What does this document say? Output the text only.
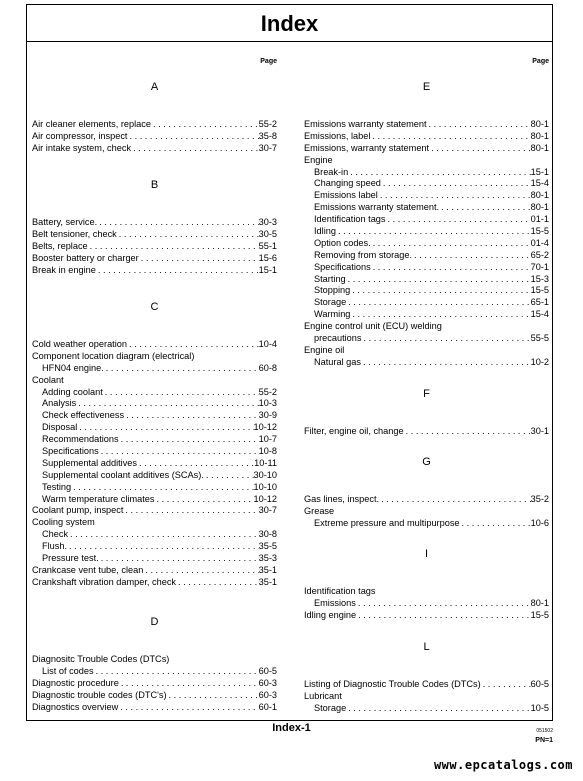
Index
Page
A
Air cleaner elements, replace . . .	55-2
Air compressor, inspect . . .	35-8
Air intake system, check . . .	30-7
B
Battery, service. . . .	30-3
Belt tensioner, check . . .	30-5
Belts, replace . . .	55-1
Booster battery or charger . . .	15-6
Break in engine . . .	15-1
C
Cold weather operation . . .	10-4
Component location diagram (electrical)
HFN04 engine. . . .	60-8
Coolant
Adding coolant . . .	55-2
Analysis . . .	10-3
Check effectiveness . . .	30-9
Disposal . . .	10-12
Recommendations . . .	10-7
Specifications . . .	10-8
Supplemental additives . . .	10-11
Supplemental coolant additives (SCAs). . . .	30-10
Testing . . .	10-10
Warm temperature climates . . .	10-12
Coolant pump, inspect . . .	30-7
Cooling system
Check . . .	30-8
Flush. . . .	35-5
Pressure test. . . .	35-3
Crankcase vent tube, clean . . .	35-1
Crankshaft vibration damper, check . . .	35-1
D
Diagnositc Trouble Codes (DTCs)
List of codes . . .	60-5
Diagnostic procedure . . .	60-3
Diagnostic trouble codes (DTC's) . . .	60-3
Diagnostics overview . . .	60-1
Page
E
Emissions warranty statement . . .	80-1
Emissions, label . . .	80-1
Emissions, warranty statement . . .	80-1
Engine
Break-in . . .	15-1
Changing speed . . .	15-4
Emissions label . . .	80-1
Emissions warranty statement. . . .	80-1
Identification tags . . .	01-1
Idling . . .	15-5
Option codes. . . .	01-4
Removing from storage. . . .	65-2
Specifications . . .	70-1
Starting . . .	15-3
Stopping . . .	15-5
Storage . . .	65-1
Warming . . .	15-4
Engine control unit (ECU) welding
precautions . . .	55-5
Engine oil
Natural gas . . .	10-2
F
Filter, engine oil, change . . .	30-1
G
Gas lines, inspect. . . .	35-2
Grease
Extreme pressure and multipurpose . . .	10-6
I
Identification tags
Emissions . . .	80-1
Idling engine . . .	15-5
L
Listing of Diagnostic Trouble Codes (DTCs) . . .	60-5
Lubricant
Storage . . .	10-5
Index-1	051502
PN=1
www.epcatalogs.com
